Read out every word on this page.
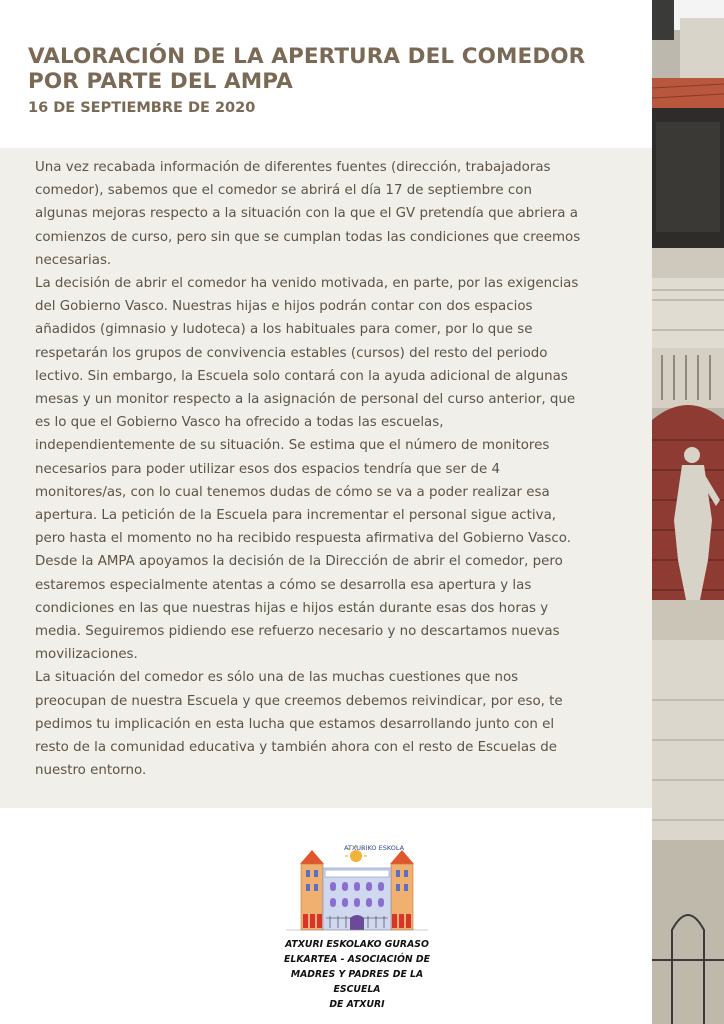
VALORACIÓN DE LA APERTURA DEL COMEDOR POR PARTE DEL AMPA
16 DE SEPTIEMBRE DE 2020

Una vez recabada información de diferentes fuentes (dirección, trabajadoras comedor), sabemos que el comedor se abrirá el día 17 de septiembre con algunas mejoras respecto a la situación con la que el GV pretendía que abriera a comienzos de curso, pero sin que se cumplan todas las condiciones que creemos necesarias.

La decisión de abrir el comedor ha venido motivada, en parte, por las exigencias del Gobierno Vasco. Nuestras hijas e hijos podrán contar con dos espacios añadidos (gimnasio y ludoteca) a los habituales para comer, por lo que se respetarán los grupos de convivencia estables (cursos) del resto del periodo lectivo. Sin embargo, la Escuela solo contará con la ayuda adicional de algunas mesas y un monitor respecto a la asignación de personal del curso anterior, que es lo que el Gobierno Vasco ha ofrecido a todas las escuelas, independientemente de su situación. Se estima que el número de monitores necesarios para poder utilizar esos dos espacios tendría que ser de 4 monitores/as, con lo cual tenemos dudas de cómo se va a poder realizar esa apertura. La petición de la Escuela para incrementar el personal sigue activa, pero hasta el momento no ha recibido respuesta afirmativa del Gobierno Vasco.

Desde la AMPA apoyamos la decisión de la Dirección de abrir el comedor, pero estaremos especialmente atentas a cómo se desarrolla esa apertura y las condiciones en las que nuestras hijas e hijos están durante esas dos horas y media. Seguiremos pidiendo ese refuerzo necesario y no descartamos nuevas movilizaciones.

La situación del comedor es sólo una de las muchas cuestiones que nos preocupan de nuestra Escuela y que creemos debemos reivindicar, por eso, te pedimos tu implicación en esta lucha que estamos desarrollando junto con el resto de la comunidad educativa y también ahora con el resto de Escuelas de nuestro entorno.

ATXURIKO ESKOLA
ATXURI ESKOLAKO GURASO
ELKARTEA - ASOCIACIÓN DE
MADRES Y PADRES DE LA ESCUELA
DE ATXURI
